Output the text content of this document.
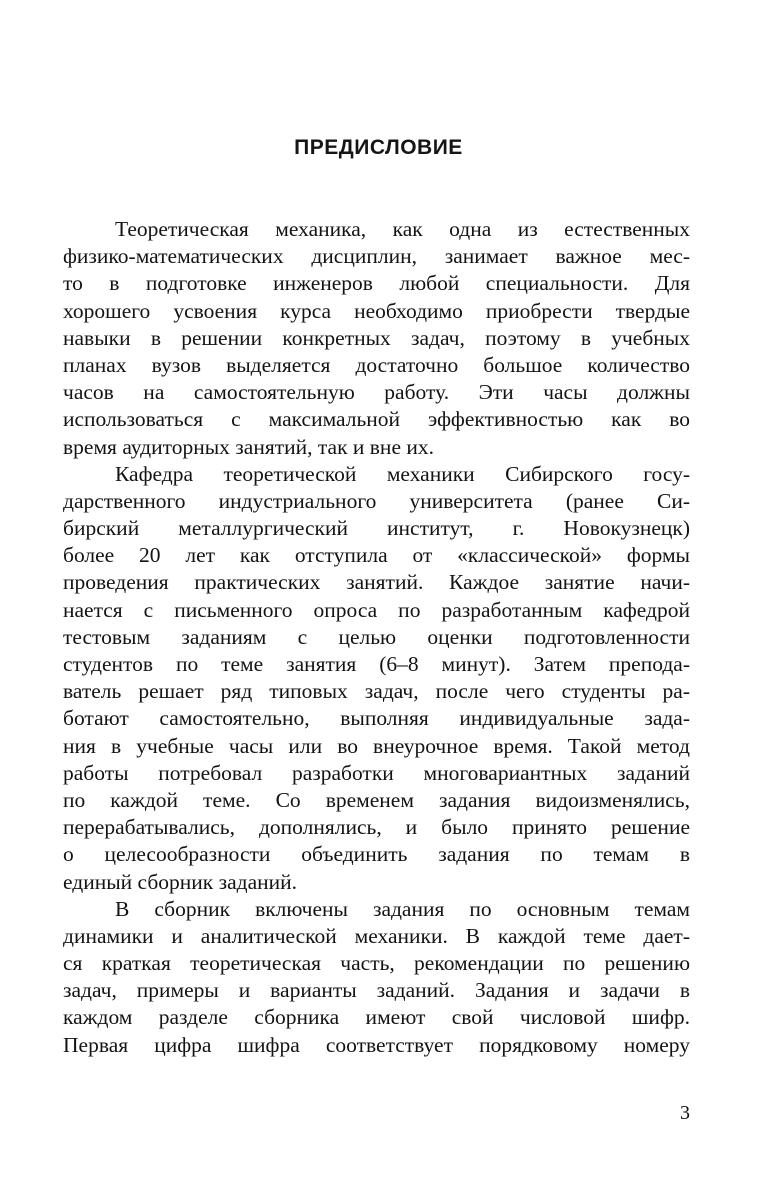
ПРЕДИСЛОВИЕ
Теоретическая механика, как одна из естественных
физико-математических дисциплин, занимает важное мес-
то в подготовке инженеров любой специальности. Для
хорошего усвоения курса необходимо приобрести твердые
навыки в решении конкретных задач, поэтому в учебных
планах вузов выделяется достаточно большое количество
часов на самостоятельную работу. Эти часы должны
использоваться с максимальной эффективностью как во
время аудиторных занятий, так и вне их.
Кафедра теоретической механики Сибирского госу-
дарственного индустриального университета (ранее Си-
бирский металлургический институт, г. Новокузнецк)
более 20 лет как отступила от «классической» формы
проведения практических занятий. Каждое занятие начи-
нается с письменного опроса по разработанным кафедрой
тестовым заданиям с целью оценки подготовленности
студентов по теме занятия (6–8 минут). Затем препода-
ватель решает ряд типовых задач, после чего студенты ра-
ботают самостоятельно, выполняя индивидуальные зада-
ния в учебные часы или во внеурочное время. Такой метод
работы потребовал разработки многовариантных заданий
по каждой теме. Со временем задания видоизменялись,
перерабатывались, дополнялись, и было принято решение
о целесообразности объединить задания по темам в
единый сборник заданий.
В сборник включены задания по основным темам
динамики и аналитической механики. В каждой теме дает-
ся краткая теоретическая часть, рекомендации по решению
задач, примеры и варианты заданий. Задания и задачи в
каждом разделе сборника имеют свой числовой шифр.
Первая цифра шифра соответствует порядковому номеру
3
